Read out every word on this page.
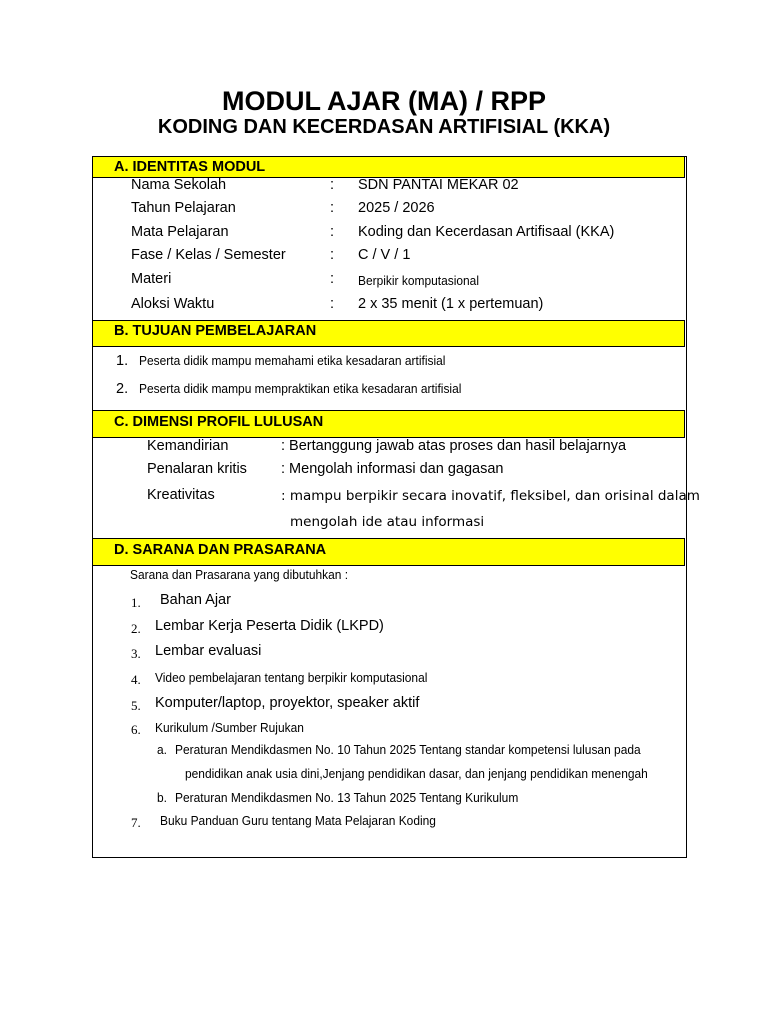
MODUL AJAR (MA) / RPP
KODING DAN KECERDASAN ARTIFISIAL (KKA)
A. IDENTITAS MODUL
Nama Sekolah	: SDN PANTAI MEKAR 02
Tahun Pelajaran	: 2025 / 2026
Mata Pelajaran	: Koding dan Kecerdasan Artifisaal (KKA)
Fase / Kelas / Semester	: C / V / 1
Materi	: Berpikir komputasional
Aloksi Waktu	: 2 x 35 menit (1 x pertemuan)
B. TUJUAN PEMBELAJARAN
1. Peserta didik mampu memahami etika kesadaran artifisial
2. Peserta didik mampu mempraktikan etika kesadaran artifisial
C. DIMENSI PROFIL LULUSAN
Kemandirian	: Bertanggung jawab atas proses dan hasil belajarnya
Penalaran kritis : Mengolah informasi dan gagasan
Kreativitas	: mampu berpikir secara inovatif, fleksibel, dan orisinal dalam
mengolah ide atau informasi
D. SARANA DAN PRASARANA
Sarana dan Prasarana yang dibutuhkan :
1. Bahan Ajar
2. Lembar Kerja Peserta Didik (LKPD)
3. Lembar evaluasi
4. Video pembelajaran tentang berpikir komputasional
5. Komputer/laptop, proyektor, speaker aktif
6. Kurikulum /Sumber Rujukan
a. Peraturan Mendikdasmen No. 10 Tahun 2025 Tentang standar kompetensi lulusan pada
pendidikan anak usia dini,Jenjang pendidikan dasar, dan jenjang pendidikan menengah
b. Peraturan Mendikdasmen No. 13 Tahun 2025 Tentang Kurikulum
7. Buku Panduan Guru tentang Mata Pelajaran Koding
